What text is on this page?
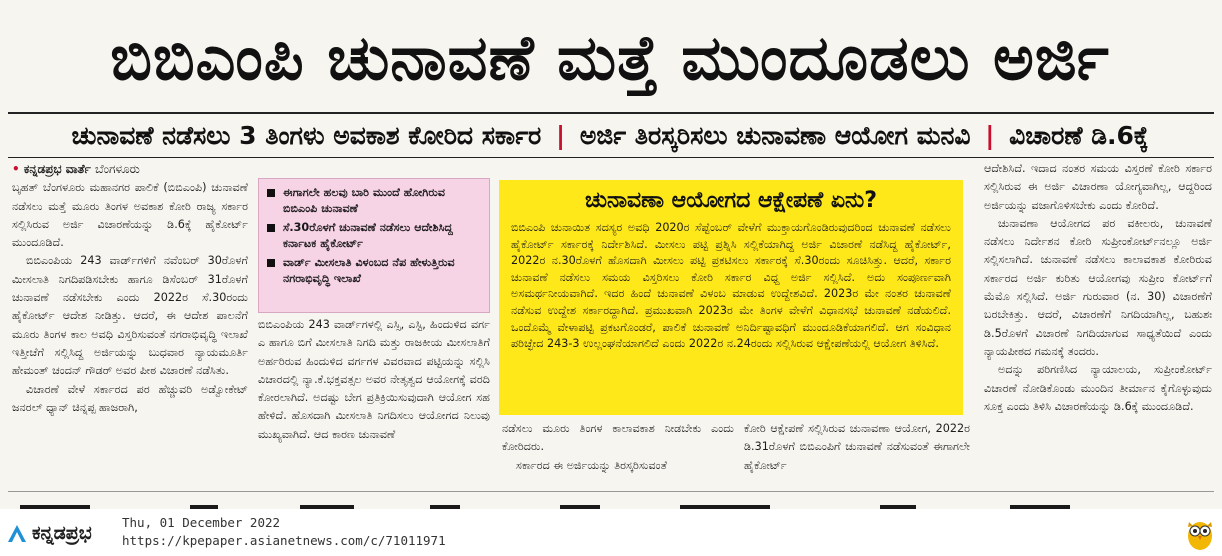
ಬಿಬಿಎಂಪಿ ಚುನಾವಣೆ ಮತ್ತೆ ಮುಂದೂಡಲು ಅರ್ಜಿ
ಚುನಾವಣೆ ನಡೆಸಲು 3 ತಿಂಗಳು ಅವಕಾಶ ಕೋರಿದ ಸರ್ಕಾರ | ಅರ್ಜಿ ತಿರಸ್ಕರಿಸಲು ಚುನಾವಣಾ ಆಯೋಗ ಮನವಿ | ವಿಚಾರಣೆ ಡಿ.6ಕ್ಕೆ
• ಕನ್ನಡಪ್ರಭ ವಾರ್ತೆ ಬೆಂಗಳೂರು

ಬೃಹತ್ ಬೆಂಗಳೂರು ಮಹಾನಗರ ಪಾಲಿಕೆ (ಬಿಬಿಎಂಪಿ) ಚುನಾವಣೆ ನಡೆಸಲು ಮತ್ತೆ ಮೂರು ತಿಂಗಳ ಅವಕಾಶ ಕೋರಿ ರಾಜ್ಯ ಸರ್ಕಾರ ಸಲ್ಲಿಸಿರುವ ಅರ್ಜಿ ವಿಚಾರಣೆಯನ್ನು ಡಿ.6ಕ್ಕೆ ಹೈಕೋರ್ಟ್ ಮುಂದೂಡಿದೆ.

ಬಿಬಿಎಂಪಿಯ 243 ವಾರ್ಡ್‌ಗಳಿಗೆ ನವೆಂಬರ್ 30ರೊಳಗೆ ಮೀಸಲಾತಿ ನಿಗದಿಪಡಿಸಬೇಕು ಹಾಗೂ ಡಿಸೆಂಬರ್ 31ರೊಳಗೆ ಚುನಾವಣೆ ನಡೆಸಬೇಕು ಎಂದು 2022ರ ಸೆ.30ರಂದು ಹೈಕೋರ್ಟ್ ಆದೇಶ ನೀಡಿತ್ತು. ಆದರೆ, ಈ ಆದೇಶ ಪಾಲನೆಗೆ ಮೂರು ತಿಂಗಳ ಕಾಲ ಅವಧಿ ವಿಸ್ತರಿಸುವಂತೆ ನಗರಾಭಿವೃದ್ಧಿ ಇಲಾಖೆ ಇತ್ತೀಚೆಗೆ ಸಲ್ಲಿಸಿದ್ದ ಅರ್ಜಿಯನ್ನು ಬುಧವಾರ ನ್ಯಾಯಮೂರ್ತಿ ಹೇಮಂತ್ ಚಂದನ್ ಗೌಡರ್ ಅವರ ಪೀಠ ವಿಚಾರಣೆ ನಡೆಸಿತು.

ವಿಚಾರಣೆ ವೇಳೆ ಸರ್ಕಾರದ ಪರ ಹೆಚ್ಚುವರಿ ಅಡ್ವೋಕೇಟ್ ಜನರಲ್ ಧ್ಯಾನ್ ಚಿನ್ನಪ್ಪ ಹಾಜರಾಗಿ,

ಈಗಾಗಲೇ ಹಲವು ಬಾರಿ ಮುಂದೆ ಹೋಗಿರುವ ಬಿಬಿಎಂಪಿ ಚುನಾವಣೆ
ಸೆ.30ರೊಳಗೆ ಚುನಾವಣೆ ನಡೆಸಲು ಆದೇಶಿಸಿದ್ದ ಕರ್ನಾಟಕ ಹೈಕೋರ್ಟ್
ವಾರ್ಡ್ ಮೀಸಲಾತಿ ವಿಳಂಬದ ನೆಪ ಹೇಳುತ್ತಿರುವ ನಗರಾಭಿವೃದ್ಧಿ ಇಲಾಖೆ

ಬಿಬಿಎಂಪಿಯ 243 ವಾರ್ಡ್‌ಗಳಲ್ಲಿ ಎಸ್ಸಿ, ಎಸ್ಟಿ, ಹಿಂದುಳಿದ ವರ್ಗ ಎ ಹಾಗೂ ಬಿಗೆ ಮೀಸಲಾತಿ ನಿಗದಿ ಮತ್ತು ರಾಜಕೀಯ ಮೀಸಲಾತಿಗೆ ಅರ್ಹರಿರುವ ಹಿಂದುಳಿದ ವರ್ಗಗಳ ವಿವರವಾದ ಪಟ್ಟಿಯನ್ನು ಸಲ್ಲಿಸಿ ವಿಚಾರದಲ್ಲಿ ನ್ಯಾ.ಕೆ.ಭಕ್ತವತ್ಸಲ ಅವರ ನೇತೃತ್ವದ ಆಯೋಗಕ್ಕೆ ವರದಿ ಕೋರಲಾಗಿದೆ. ಅದಷ್ಟು ಬೇಗ ಪ್ರತಿಕ್ರಿಯಿಸುವುದಾಗಿ ಆಯೋಗ ಸಹ ಹೇಳಿದೆ. ಹೊಸದಾಗಿ ಮೀಸಲಾತಿ ನಿಗದಿಸಲು ಆಯೋಗದ ನಿಲುವು ಮುಖ್ಯವಾಗಿದೆ. ಆದ ಕಾರಣ ಚುನಾವಣೆ

ಚುನಾವಣಾ ಆಯೋಗದ ಆಕ್ಷೇಪಣೆ ಏನು?

ಬಿಬಿಎಂಪಿ ಚುನಾಯಿತ ಸದಸ್ಯರ ಅವಧಿ 2020ರ ಸೆಪ್ಟೆಂಬರ್ ವೇಳೆಗೆ ಮುಕ್ತಾಯಗೊಂಡಿರುವುದರಿಂದ ಚುನಾವಣೆ ನಡೆಸಲು ಹೈಕೋರ್ಟ್ ಸರ್ಕಾರಕ್ಕೆ ನಿರ್ದೇಶಿಸಿದೆ. ಮೀಸಲು ಪಟ್ಟಿ ಪ್ರಶ್ನಿಸಿ ಸಲ್ಲಿಕೆಯಾಗಿದ್ದ ಅರ್ಜಿ ವಿಚಾರಣೆ ನಡೆಸಿದ್ದ ಹೈಕೋರ್ಟ್, 2022ರ ನ.30ರೊಳಗೆ ಹೊಸದಾಗಿ ಮೀಸಲು ಪಟ್ಟಿ ಪ್ರಕಟಿಸಲು ಸರ್ಕಾರಕ್ಕೆ ಸೆ.30ರಂದು ಸೂಚಿಸಿತ್ತು. ಆದರೆ, ಸರ್ಕಾರ ಚುನಾವಣೆ ನಡೆಸಲು ಸಮಯ ವಿಸ್ತರಿಸಲು ಕೋರಿ ಸರ್ಕಾರ ವಿಧ್ದ ಅರ್ಜಿ ಸಲ್ಲಿಸಿದೆ. ಅದು ಸಂಪೂರ್ಣವಾಗಿ ಅಸಮರ್ಥನೀಯವಾಗಿದೆ. ಇದರ ಹಿಂದೆ ಚುನಾವಣೆ ವಿಳಂಬ ಮಾಡುವ ಉದ್ದೇಶವಿದೆ. 2023ರ ಮೇ ನಂತರ ಚುನಾವಣೆ ನಡೆಸುವ ಉದ್ದೇಶ ಸರ್ಕಾರದ್ದಾಗಿದೆ. ಪ್ರಮುಖವಾಗಿ 2023ರ ಮೇ ತಿಂಗಳ ವೇಳೆಗೆ ವಿಧಾನಸಭೆ ಚುನಾವಣೆ ನಡೆಯಲಿದೆ. ಒಂದೊಮ್ಮೆ ವೇಳಾಪಟ್ಟಿ ಪ್ರಕಟಗೊಂಡರೆ, ಪಾಲಿಕೆ ಚುನಾವಣೆ ಅನಿರ್ದಿಷ್ಟಾವಧಿಗೆ ಮುಂದೂಡಿಕೆಯಾಗಲಿದೆ. ಆಗ ಸಂವಿಧಾನ ಪರಿಚ್ಛೇದ 243-3 ಉಲ್ಲಂಘನೆಯಾಗಲಿದೆ ಎಂದು 2022ರ ನ.24ರಂದು ಸಲ್ಲಿಸಿರುವ ಆಕ್ಷೇಪಣೆಯಲ್ಲಿ ಆಯೋಗ ತಿಳಿಸಿದೆ.

ನಡೆಸಲು ಮೂರು ತಿಂಗಳ ಕಾಲಾವಕಾಶ ನೀಡಬೇಕು ಎಂದು ಕೋರಿದರು.

ಸರ್ಕಾರದ ಈ ಅರ್ಜಿಯನ್ನು ತಿರಸ್ಕರಿಸುವಂತೆ

ಕೋರಿ ಆಕ್ಷೇಪಣೆ ಸಲ್ಲಿಸಿರುವ ಚುನಾವಣಾ ಆಯೋಗ, 2022ರ ಡಿ.31ರೊಳಗೆ ಬಿಬಿಎಂಪಿಗೆ ಚುನಾವಣೆ ನಡೆಸುವಂತೆ ಈಗಾಗಲೇ ಹೈಕೋರ್ಟ್

ಆದೇಶಿಸಿದೆ. ಇದಾದ ನಂತರ ಸಮಯ ವಿಸ್ತರಣೆ ಕೋರಿ ಸರ್ಕಾರ ಸಲ್ಲಿಸಿರುವ ಈ ಅರ್ಜಿ ವಿಚಾರಣಾ ಯೋಗ್ಯವಾಗಿಲ್ಲ, ಆದ್ದರಿಂದ ಅರ್ಜಿಯನ್ನು ವಜಾಗೊಳಿಸಬೇಕು ಎಂದು ಕೋರಿದೆ.

ಚುನಾವಣಾ ಆಯೋಗದ ಪರ ವಕೀಲರು, ಚುನಾವಣೆ ನಡೆಸಲು ನಿರ್ದೇಶನ ಕೋರಿ ಸುಪ್ರೀಂಕೋರ್ಟ್‌ನಲ್ಲೂ ಅರ್ಜಿ ಸಲ್ಲಿಸಲಾಗಿದೆ. ಚುನಾವಣೆ ನಡೆಸಲು ಕಾಲಾವಕಾಶ ಕೋರಿರುವ ಸರ್ಕಾರದ ಅರ್ಜಿ ಕುರಿತು ಆಯೋಗವು ಸುಪ್ರೀಂ ಕೋರ್ಟ್‌ಗೆ ಮೆಮೊ ಸಲ್ಲಿಸಿದೆ. ಅರ್ಜಿ ಗುರುವಾರ (ನ. 30) ವಿಚಾರಣೆಗೆ ಬರಬೇಕಿತ್ತು. ಆದರೆ, ವಿಚಾರಣೆಗೆ ನಿಗದಿಯಾಗಿಲ್ಲ, ಬಹುಶಃ ಡಿ.5ರೊಳಗೆ ವಿಚಾರಣೆ ನಿಗದಿಯಾಗುವ ಸಾಧ್ಯತೆಯಿದೆ ಎಂದು ನ್ಯಾಯಪೀಠದ ಗಮನಕ್ಕೆ ತಂದರು.

ಅದನ್ನು ಪರಿಗಣಿಸಿದ ನ್ಯಾಯಾಲಯ, ಸುಪ್ರೀಂಕೋರ್ಟ್ ವಿಚಾರಣೆ ನೋಡಿಕೊಂಡು ಮುಂದಿನ ತೀರ್ಮಾನ ಕೈಗೊಳ್ಳುವುದು ಸೂಕ್ತ ಎಂದು ತಿಳಿಸಿ ವಿಚಾರಣೆಯನ್ನು ಡಿ.6ಕ್ಕೆ ಮುಂದೂಡಿದೆ.

ಕನ್ನಡಪ್ರಭ Thu, 01 December 2022
https://kpepaper.asianetnews.com/c/71011971
